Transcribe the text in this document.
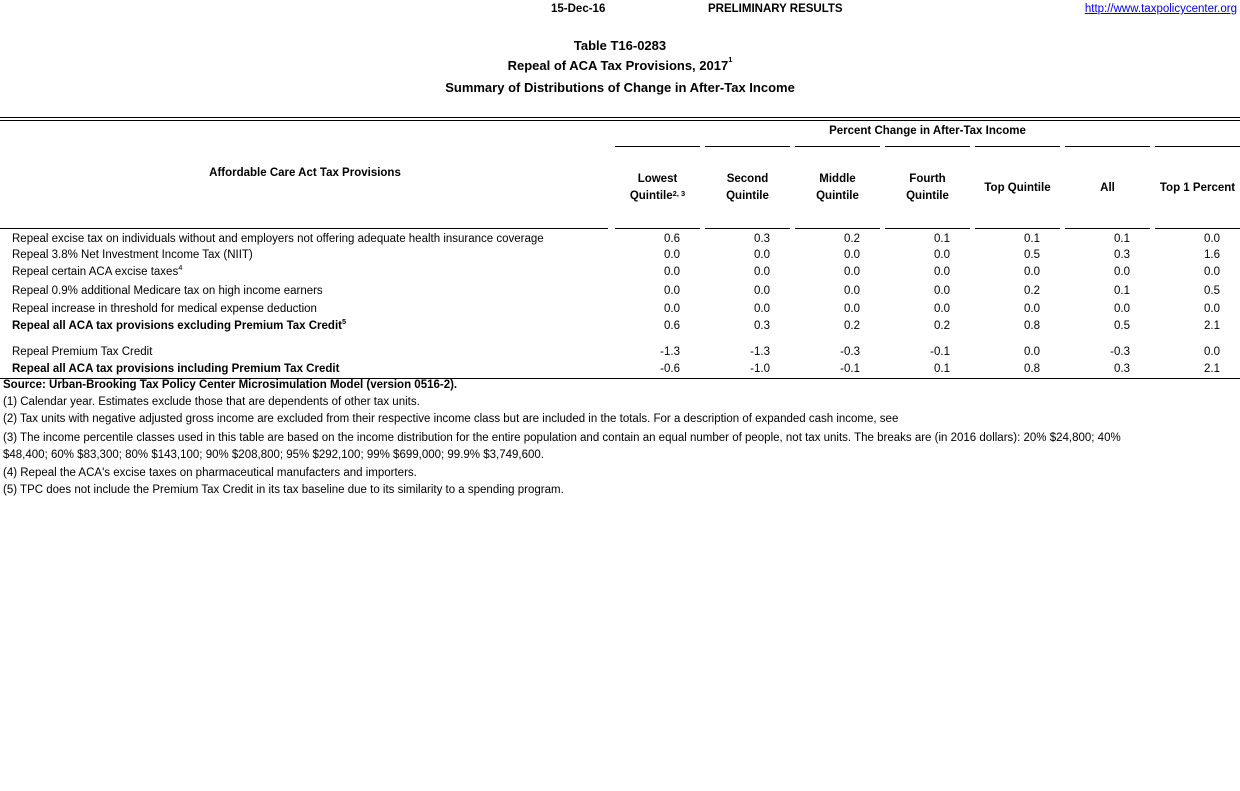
15-Dec-16	PRELIMINARY RESULTS	http://www.taxpolicycenter.org
Table T16-0283
Repeal of ACA Tax Provisions, 2017$^1$
Summary of Distributions of Change in After-Tax Income
Affordable Care Act Tax Provisions
Percent Change in After-Tax Income
Lowest
Quintile$^{2, 3}$
Second
Quintile
Middle
Quintile
Fourth
Quintile
Top Quintile	All	Top 1 Percent
Repeal excise tax on individuals without and employers not offering adequate health insurance coverage	0.6	0.3	0.2	0.1	0.1	0.1	0.0
Repeal 3.8% Net Investment Income Tax (NIIT)	0.0	0.0	0.0	0.0	0.5	0.3	1.6
Repeal certain ACA excise taxes$^4$	0.0	0.0	0.0	0.0	0.0	0.0	0.0
Repeal 0.9% additional Medicare tax on high income earners	0.0	0.0	0.0	0.0	0.2	0.1	0.5
Repeal increase in threshold for medical expense deduction	0.0	0.0	0.0	0.0	0.0	0.0	0.0
Repeal all ACA tax provisions excluding Premium Tax Credit$^5$	0.6	0.3	0.2	0.2	0.8	0.5	2.1
Repeal Premium Tax Credit	-1.3	-1.3	-0.3	-0.1	0.0	-0.3	0.0
Repeal all ACA tax provisions including Premium Tax Credit	-0.6	-1.0	-0.1	0.1	0.8	0.3	2.1
Source: Urban-Brooking Tax Policy Center Microsimulation Model (version 0516-2).
(1) Calendar year. Estimates exclude those that are dependents of other tax units.
(2) Tax units with negative adjusted gross income are excluded from their respective income class but are included in the totals. For a description of expanded cash income, see
(3) The income percentile classes used in this table are based on the income distribution for the entire population and contain an equal number of people, not tax units. The breaks are (in 2016 dollars): 20% $24,800; 40%
$48,400; 60% $83,300; 80% $143,100; 90% $208,800; 95% $292,100; 99% $699,000; 99.9% $3,749,600.
(4) Repeal the ACA's excise taxes on pharmaceutical manufacters and importers.
(5) TPC does not include the Premium Tax Credit in its tax baseline due to its similarity to a spending program.
